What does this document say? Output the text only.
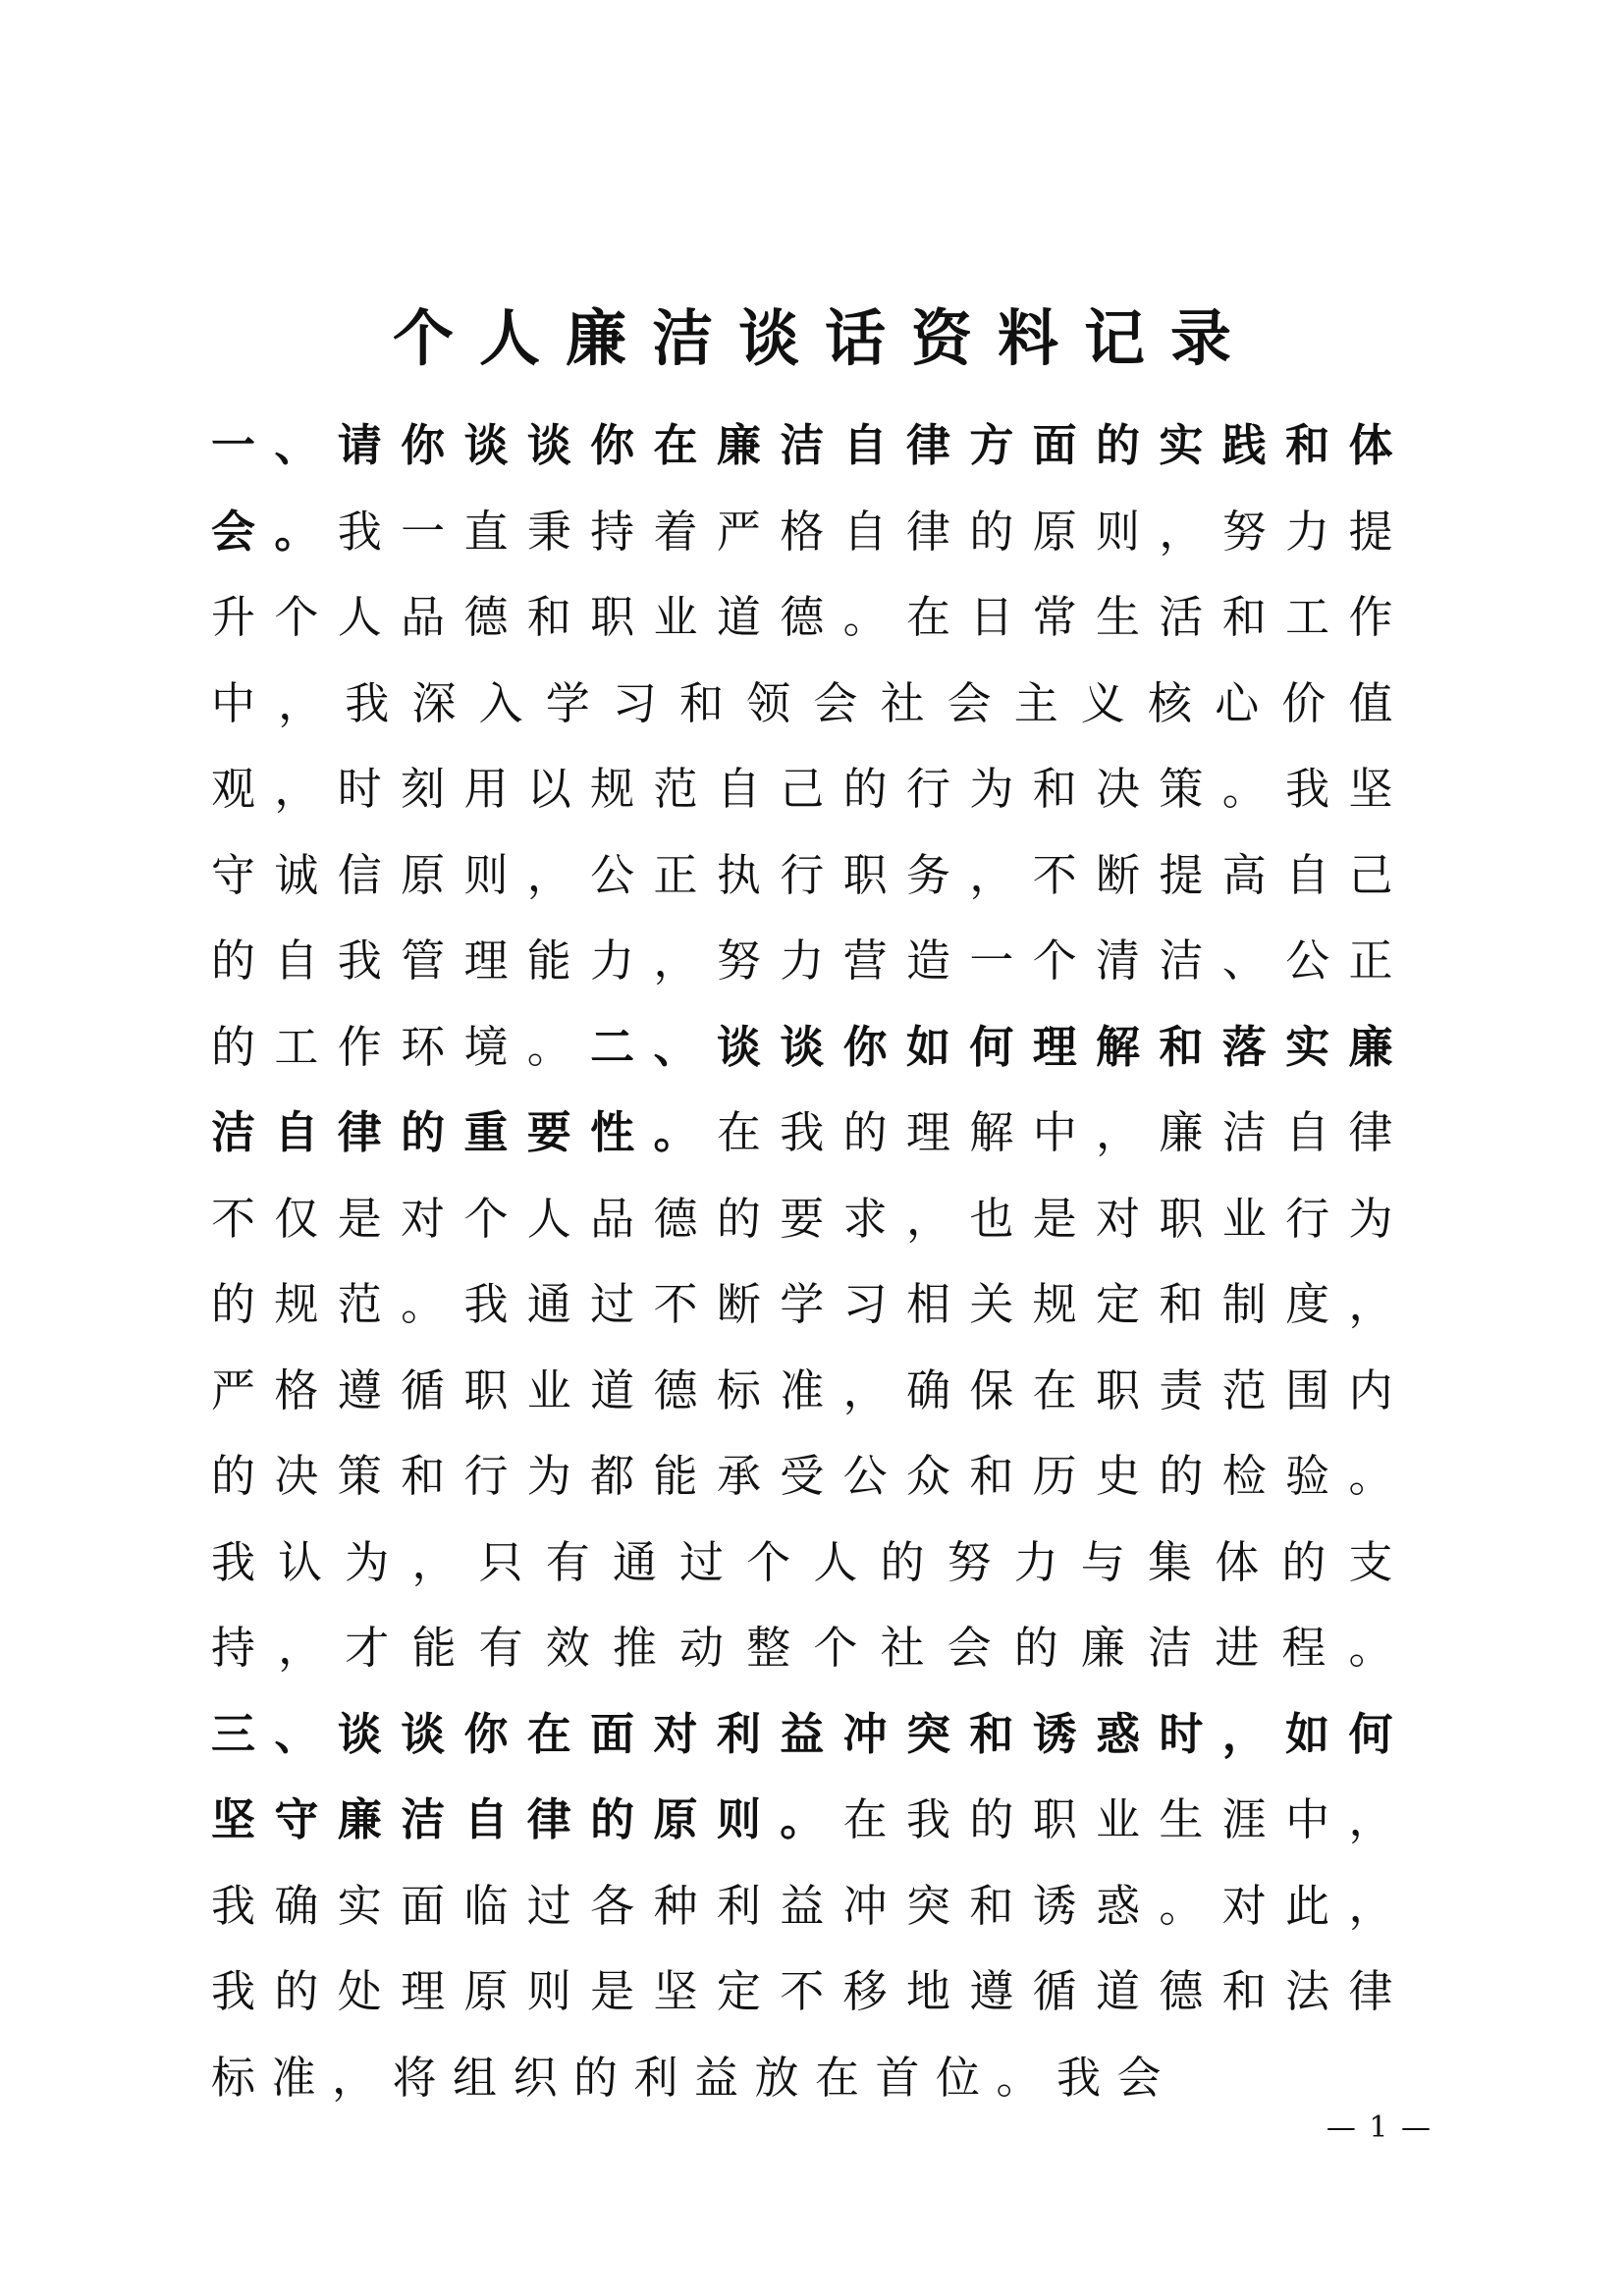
个人廉洁谈话资料记录

一、请你谈谈你在廉洁自律方面的实践和体会。我一直秉持着严格自律的原则，努力提升个人品德和职业道德。在日常生活和工作中，我深入学习和领会社会主义核心价值观，时刻用以规范自己的行为和决策。我坚守诚信原则，公正执行职务，不断提高自己的自我管理能力，努力营造一个清洁、公正的工作环境。二、谈谈你如何理解和落实廉洁自律的重要性。在我的理解中，廉洁自律不仅是对个人品德的要求，也是对职业行为的规范。我通过不断学习相关规定和制度，严格遵循职业道德标准，确保在职责范围内的决策和行为都能承受公众和历史的检验。我认为，只有通过个人的努力与集体的支持，才能有效推动整个社会的廉洁进程。三、谈谈你在面对利益冲突和诱惑时，如何坚守廉洁自律的原则。在我的职业生涯中，我确实面临过各种利益冲突和诱惑。对此，我的处理原则是坚定不移地遵循道德和法律标准，将组织的利益放在首位。我会

— 1 —
